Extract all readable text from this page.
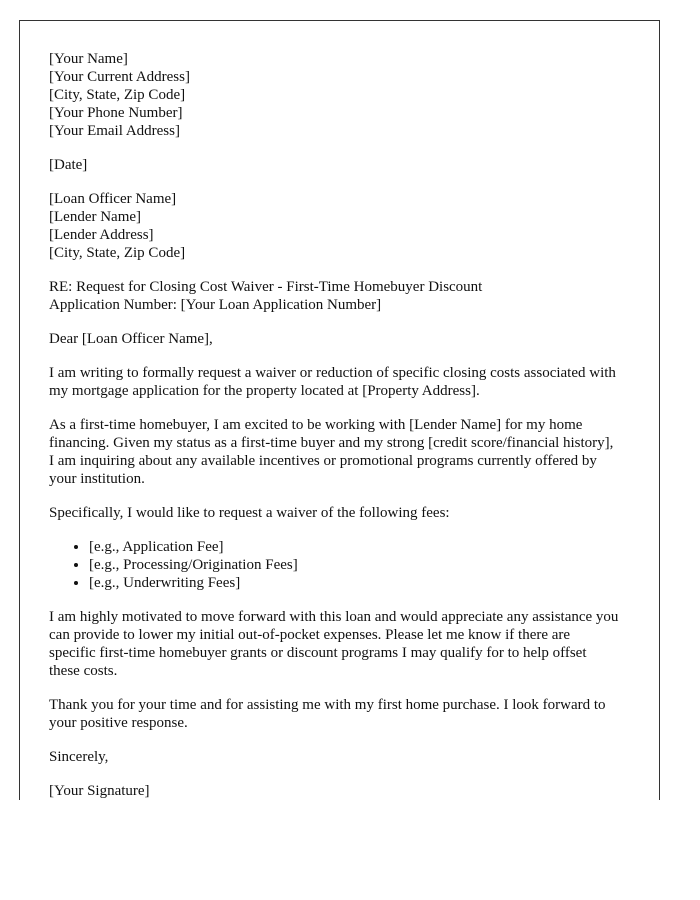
[Your Name]
[Your Current Address]
[City, State, Zip Code]
[Your Phone Number]
[Your Email Address]

[Date]

[Loan Officer Name]
[Lender Name]
[Lender Address]
[City, State, Zip Code]

RE: Request for Closing Cost Waiver - First-Time Homebuyer Discount
Application Number: [Your Loan Application Number]

Dear [Loan Officer Name],

I am writing to formally request a waiver or reduction of specific closing costs associated with my mortgage application for the property located at [Property Address].

As a first-time homebuyer, I am excited to be working with [Lender Name] for my home financing. Given my status as a first-time buyer and my strong [credit score/financial history], I am inquiring about any available incentives or promotional programs currently offered by your institution.

Specifically, I would like to request a waiver of the following fees:

• [e.g., Application Fee]
• [e.g., Processing/Origination Fees]
• [e.g., Underwriting Fees]

I am highly motivated to move forward with this loan and would appreciate any assistance you can provide to lower my initial out-of-pocket expenses. Please let me know if there are specific first-time homebuyer grants or discount programs I may qualify for to help offset these costs.

Thank you for your time and for assisting me with my first home purchase. I look forward to your positive response.

Sincerely,

[Your Signature]
